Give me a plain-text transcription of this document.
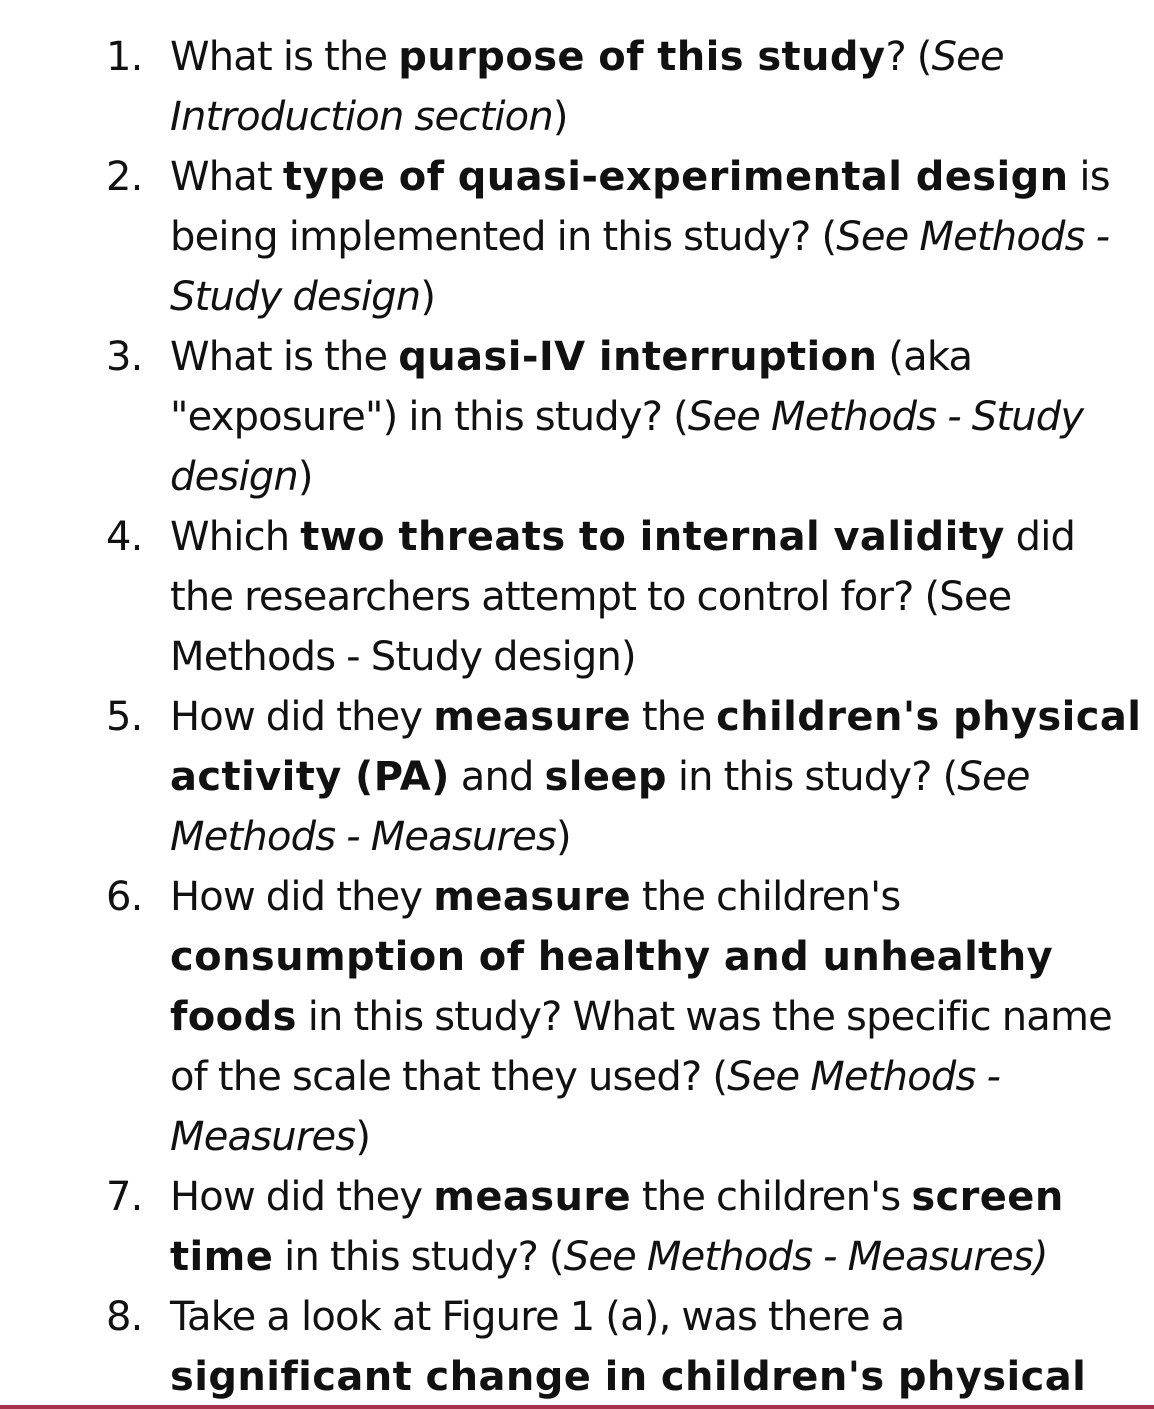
1. What is the purpose of this study? (See Introduction section)
2. What type of quasi-experimental design is being implemented in this study? (See Methods - Study design)
3. What is the quasi-IV interruption (aka "exposure") in this study? (See Methods - Study design)
4. Which two threats to internal validity did the researchers attempt to control for? (See Methods - Study design)
5. How did they measure the children's physical activity (PA) and sleep in this study? (See Methods - Measures)
6. How did they measure the children's consumption of healthy and unhealthy foods in this study? What was the specific name of the scale that they used? (See Methods - Measures)
7. How did they measure the children's screen time in this study? (See Methods - Measures)
8. Take a look at Figure 1 (a), was there a significant change in children's physical
